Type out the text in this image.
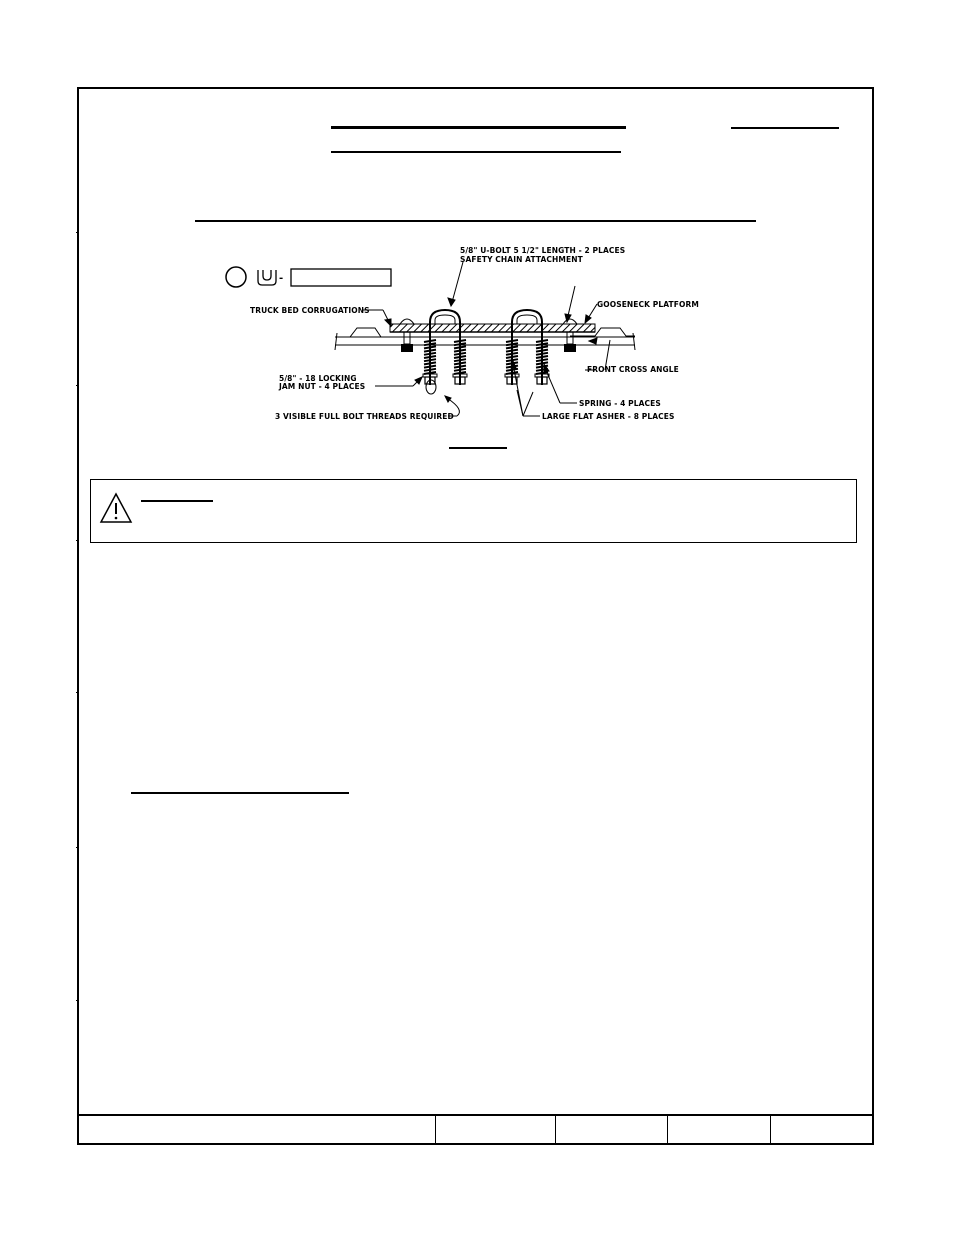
-
5/8" U-BOLT 5 1/2" LENGTH - 2 PLACES
SAFETY CHAIN ATTACHMENT
TRUCK BED CORRUGATIONS
GOOSENECK PLATFORM
FRONT CROSS ANGLE
5/8" - 18 LOCKING
JAM NUT - 4 PLACES
SPRING - 4 PLACES
3 VISIBLE FULL BOLT THREADS REQUIRED	LARGE FLAT ASHER - 8 PLACES
